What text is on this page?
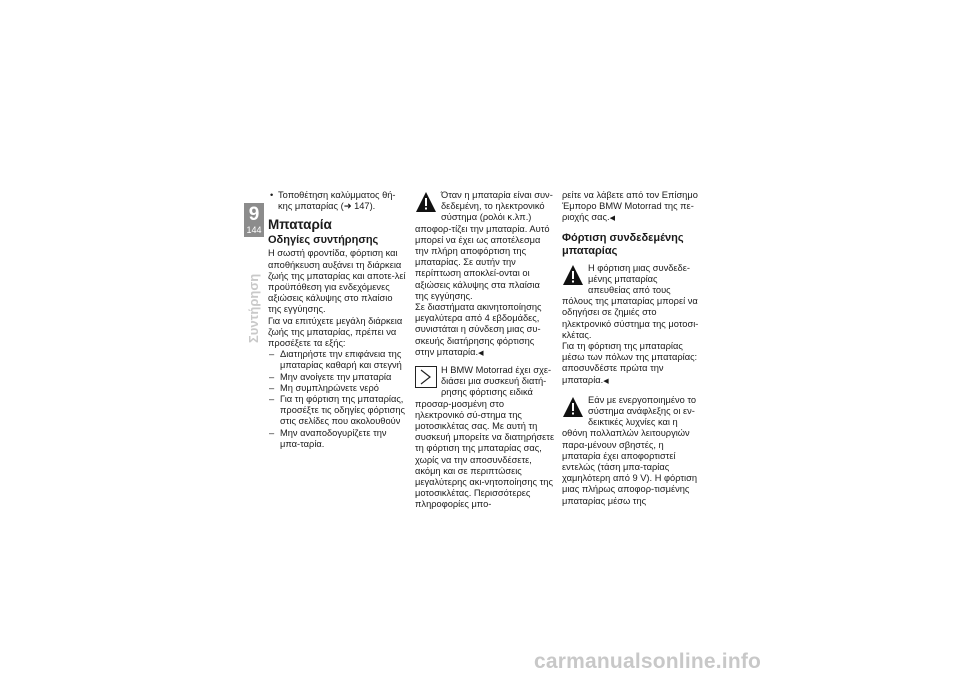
9
144
Συντήρηση

• Τοποθέτηση καλύμματος θή-κης μπαταρίας (➜ 147).

Μπαταρία
Οδηγίες συντήρησης

Η σωστή φροντίδα, φόρτιση και αποθήκευση αυξάνει τη διάρκεια ζωής της μπαταρίας και αποτε-λεί προϋπόθεση για ενδεχόμενες αξιώσεις κάλυψης στο πλαίσιο της εγγύησης.

Για να επιτύχετε μεγάλη διάρκεια ζωής της μπαταρίας, πρέπει να προσέξετε τα εξής:

– Διατηρήστε την επιφάνεια της μπαταρίας καθαρή και στεγνή

– Μην ανοίγετε την μπαταρία

– Μη συμπληρώνετε νερό

– Για τη φόρτιση της μπαταρίας, προσέξτε τις οδηγίες φόρτισης στις σελίδες που ακολουθούν

– Μην αναποδογυρίζετε την μπα-ταρία.

Όταν η μπαταρία είναι συν-δεδεμένη, το ηλεκτρονικό σύστημα (ρολόι κ.λπ.) αποφορ-τίζει την μπαταρία. Αυτό μπορεί να έχει ως αποτέλεσμα την πλήρη αποφόρτιση της μπαταρίας. Σε αυτήν την περίπτωση αποκλεί-ονται οι αξιώσεις κάλυψης στα πλαίσια της εγγύησης.

Σε διαστήματα ακινητοποίησης μεγαλύτερα από 4 εβδομάδες, συνιστάται η σύνδεση μιας συ-σκευής διατήρησης φόρτισης στην μπαταρία.◀

Η BMW Motorrad έχει σχε-διάσει μια συσκευή διατή-ρησης φόρτισης ειδικά προσαρ-μοσμένη στο ηλεκτρονικό σύ-στημα της μοτοσικλέτας σας. Με αυτή τη συσκευή μπορείτε να διατηρήσετε τη φόρτιση της μπαταρίας σας, χωρίς να την αποσυνδέσετε, ακόμη και σε περιπτώσεις μεγαλύτερης ακι-νητοποίησης της μοτοσικλέτας. Περισσότερες πληροφορίες μπο-

ρείτε να λάβετε από τον Επίσημο Έμπορο BMW Motorrad της πε-ριοχής σας.◀

Φόρτιση συνδεδεμένης μπαταρίας

Η φόρτιση μιας συνδεδε-μένης μπαταρίας απευθείας από τους πόλους της μπαταρίας μπορεί να οδηγήσει σε ζημιές στο ηλεκτρονικό σύστημα της μοτοσι-κλέτας.

Για τη φόρτιση της μπαταρίας μέσω των πόλων της μπαταρίας: αποσυνδέστε πρώτα την μπαταρία.◀

Εάν με ενεργοποιημένο το σύστημα ανάφλεξης οι εν-δεικτικές λυχνίες και η οθόνη πολλαπλών λειτουργιών παρα-μένουν σβηστές, η μπαταρία έχει αποφορτιστεί εντελώς (τάση μπα-ταρίας χαμηλότερη από 9 V). Η φόρτιση μιας πλήρως αποφορ-τισμένης μπαταρίας μέσω της

carmanualsonline.info
